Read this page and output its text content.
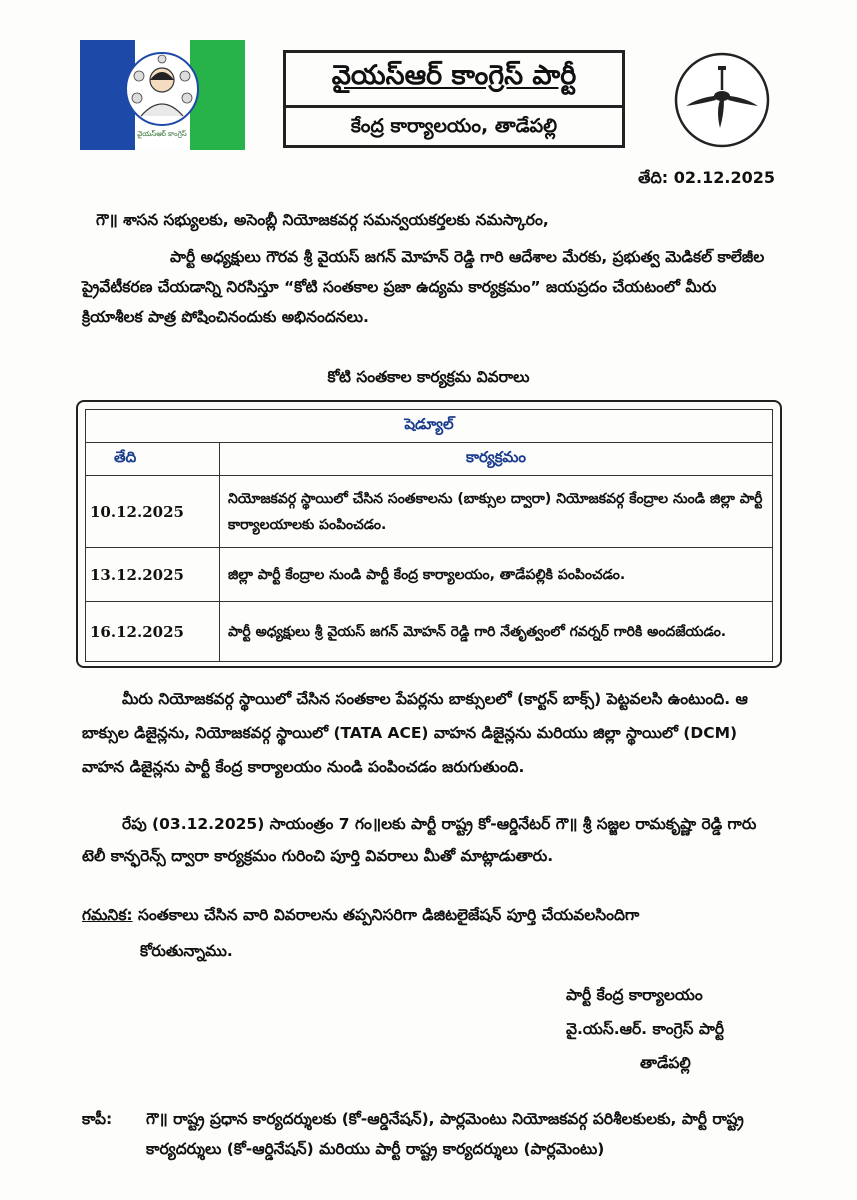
వైయస్ఆర్ కాంగ్రెస్
వైయస్ఆర్ కాంగ్రెస్ పార్టీ
కేంద్ర కార్యాలయం, తాడేపల్లి
తేది: 02.12.2025
గౌ॥ శాసన సభ్యులకు, అసెంబ్లీ నియోజకవర్గ సమన్వయకర్తలకు నమస్కారం,
పార్టీ అధ్యక్షులు గౌరవ శ్రీ వైయస్ జగన్ మోహన్ రెడ్డి గారి ఆదేశాల మేరకు, ప్రభుత్వ మెడికల్ కాలేజీల ప్రైవేటీకరణ చేయడాన్ని నిరసిస్తూ “కోటి సంతకాల ప్రజా ఉద్యమ కార్యక్రమం” జయప్రదం చేయటంలో మీరు క్రియాశీలక పాత్ర పోషించినందుకు అభినందనలు.
కోటి సంతకాల కార్యక్రమ వివరాలు
షెడ్యూల్	
తేది	కార్యక్రమం
10.12.2025	నియోజకవర్గ స్థాయిలో చేసిన సంతకాలను (బాక్సుల ద్వారా) నియోజకవర్గ కేంద్రాల నుండి జిల్లా పార్టీ కార్యాలయాలకు పంపించడం.
13.12.2025	జిల్లా పార్టీ కేంద్రాల నుండి పార్టీ కేంద్ర కార్యాలయం, తాడేపల్లికి పంపించడం.
16.12.2025	పార్టీ అధ్యక్షులు శ్రీ వైయస్ జగన్ మోహన్ రెడ్డి గారి నేతృత్వంలో గవర్నర్ గారికి అందజేయడం.
మీరు నియోజకవర్గ స్థాయిలో చేసిన సంతకాల పేపర్లను బాక్సులలో (కార్టన్ బాక్స్) పెట్టవలసి ఉంటుంది. ఆ బాక్సుల డిజైన్లను, నియోజకవర్గ స్థాయిలో (TATA ACE) వాహన డిజైన్లను మరియు జిల్లా స్థాయిలో (DCM) వాహన డిజైన్లను పార్టీ కేంద్ర కార్యాలయం నుండి పంపించడం జరుగుతుంది.
రేపు (03.12.2025) సాయంత్రం 7 గం॥లకు పార్టీ రాష్ట్ర కో-ఆర్డినేటర్ గౌ॥ శ్రీ సజ్జల రామకృష్ణా రెడ్డి గారు టెలీ కాన్ఫరెన్స్ ద్వారా కార్యక్రమం గురించి పూర్తి వివరాలు మీతో మాట్లాడుతారు.
గమనిక: సంతకాలు చేసిన వారి వివరాలను తప్పనిసరిగా డిజిటలైజేషన్ పూర్తి చేయవలసిందిగా
కోరుతున్నాము.
పార్టీ కేంద్ర కార్యాలయం
వై.యస్.ఆర్. కాంగ్రెస్ పార్టీ
తాడేపల్లి
కాపీ: గౌ॥ రాష్ట్ర ప్రధాన కార్యదర్శులకు (కో-ఆర్డినేషన్), పార్లమెంటు నియోజకవర్గ పరిశీలకులకు, పార్టీ రాష్ట్ర కార్యదర్శులు (కో-ఆర్డినేషన్) మరియు పార్టీ రాష్ట్ర కార్యదర్శులు (పార్లమెంటు)
